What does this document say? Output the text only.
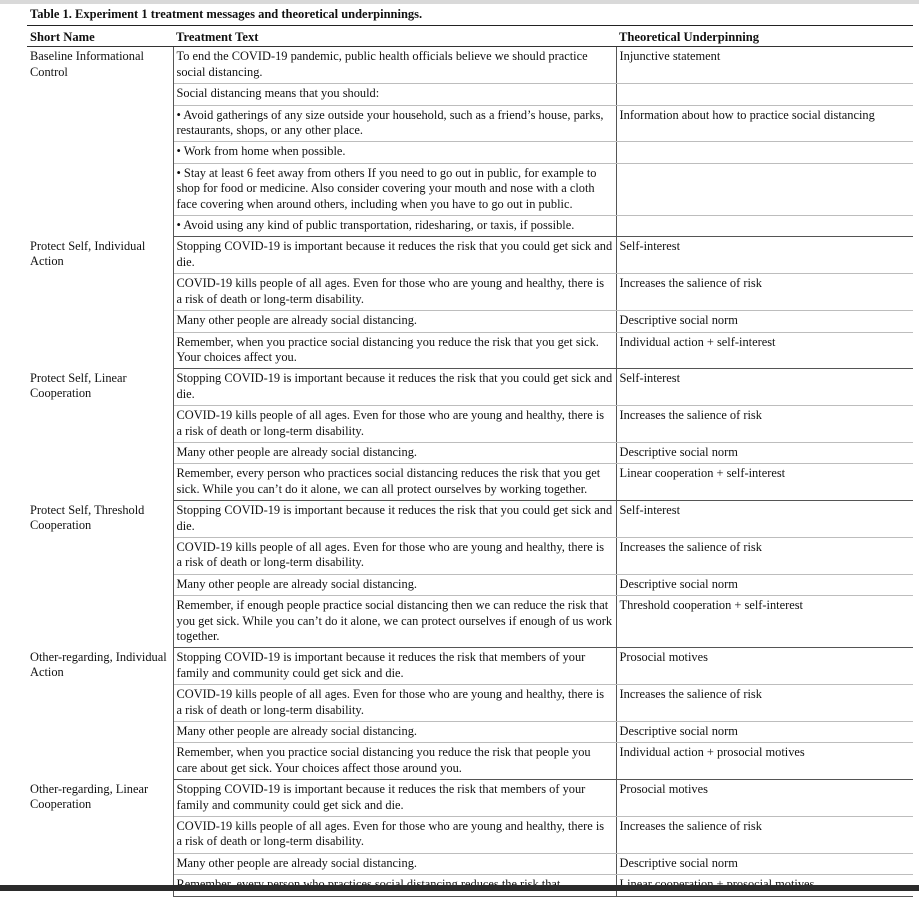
Table 1. Experiment 1 treatment messages and theoretical underpinnings.
Short Name	Treatment Text	Theoretical Underpinning
Baseline Informational Control	To end the COVID-19 pandemic, public health officials believe we should practice social distancing.	Injunctive statement
	Social distancing means that you should:	
	• Avoid gatherings of any size outside your household, such as a friend’s house, parks, restaurants, shops, or any other place.	Information about how to practice social distancing
	• Work from home when possible.	
	• Stay at least 6 feet away from others If you need to go out in public, for example to shop for food or medicine. Also consider covering your mouth and nose with a cloth face covering when around others, including when you have to go out in public.	
	• Avoid using any kind of public transportation, ridesharing, or taxis, if possible.	
Protect Self, Individual Action	Stopping COVID-19 is important because it reduces the risk that you could get sick and die.	Self-interest
	COVID-19 kills people of all ages. Even for those who are young and healthy, there is a risk of death or long-term disability.	Increases the salience of risk
	Many other people are already social distancing.	Descriptive social norm
	Remember, when you practice social distancing you reduce the risk that you get sick. Your choices affect you.	Individual action + self-interest
Protect Self, Linear Cooperation	Stopping COVID-19 is important because it reduces the risk that you could get sick and die.	Self-interest
	COVID-19 kills people of all ages. Even for those who are young and healthy, there is a risk of death or long-term disability.	Increases the salience of risk
	Many other people are already social distancing.	Descriptive social norm
	Remember, every person who practices social distancing reduces the risk that you get sick. While you can’t do it alone, we can all protect ourselves by working together.	Linear cooperation + self-interest
Protect Self, Threshold Cooperation	Stopping COVID-19 is important because it reduces the risk that you could get sick and die.	Self-interest
	COVID-19 kills people of all ages. Even for those who are young and healthy, there is a risk of death or long-term disability.	Increases the salience of risk
	Many other people are already social distancing.	Descriptive social norm
	Remember, if enough people practice social distancing then we can reduce the risk that you get sick. While you can’t do it alone, we can protect ourselves if enough of us work together.	Threshold cooperation + self-interest
Other-regarding, Individual Action	Stopping COVID-19 is important because it reduces the risk that members of your family and community could get sick and die.	Prosocial motives
	COVID-19 kills people of all ages. Even for those who are young and healthy, there is a risk of death or long-term disability.	Increases the salience of risk
	Many other people are already social distancing.	Descriptive social norm
	Remember, when you practice social distancing you reduce the risk that people you care about get sick. Your choices affect those around you.	Individual action + prosocial motives
Other-regarding, Linear Cooperation	Stopping COVID-19 is important because it reduces the risk that members of your family and community could get sick and die.	Prosocial motives
	COVID-19 kills people of all ages. Even for those who are young and healthy, there is a risk of death or long-term disability.	Increases the salience of risk
	Many other people are already social distancing.	Descriptive social norm
